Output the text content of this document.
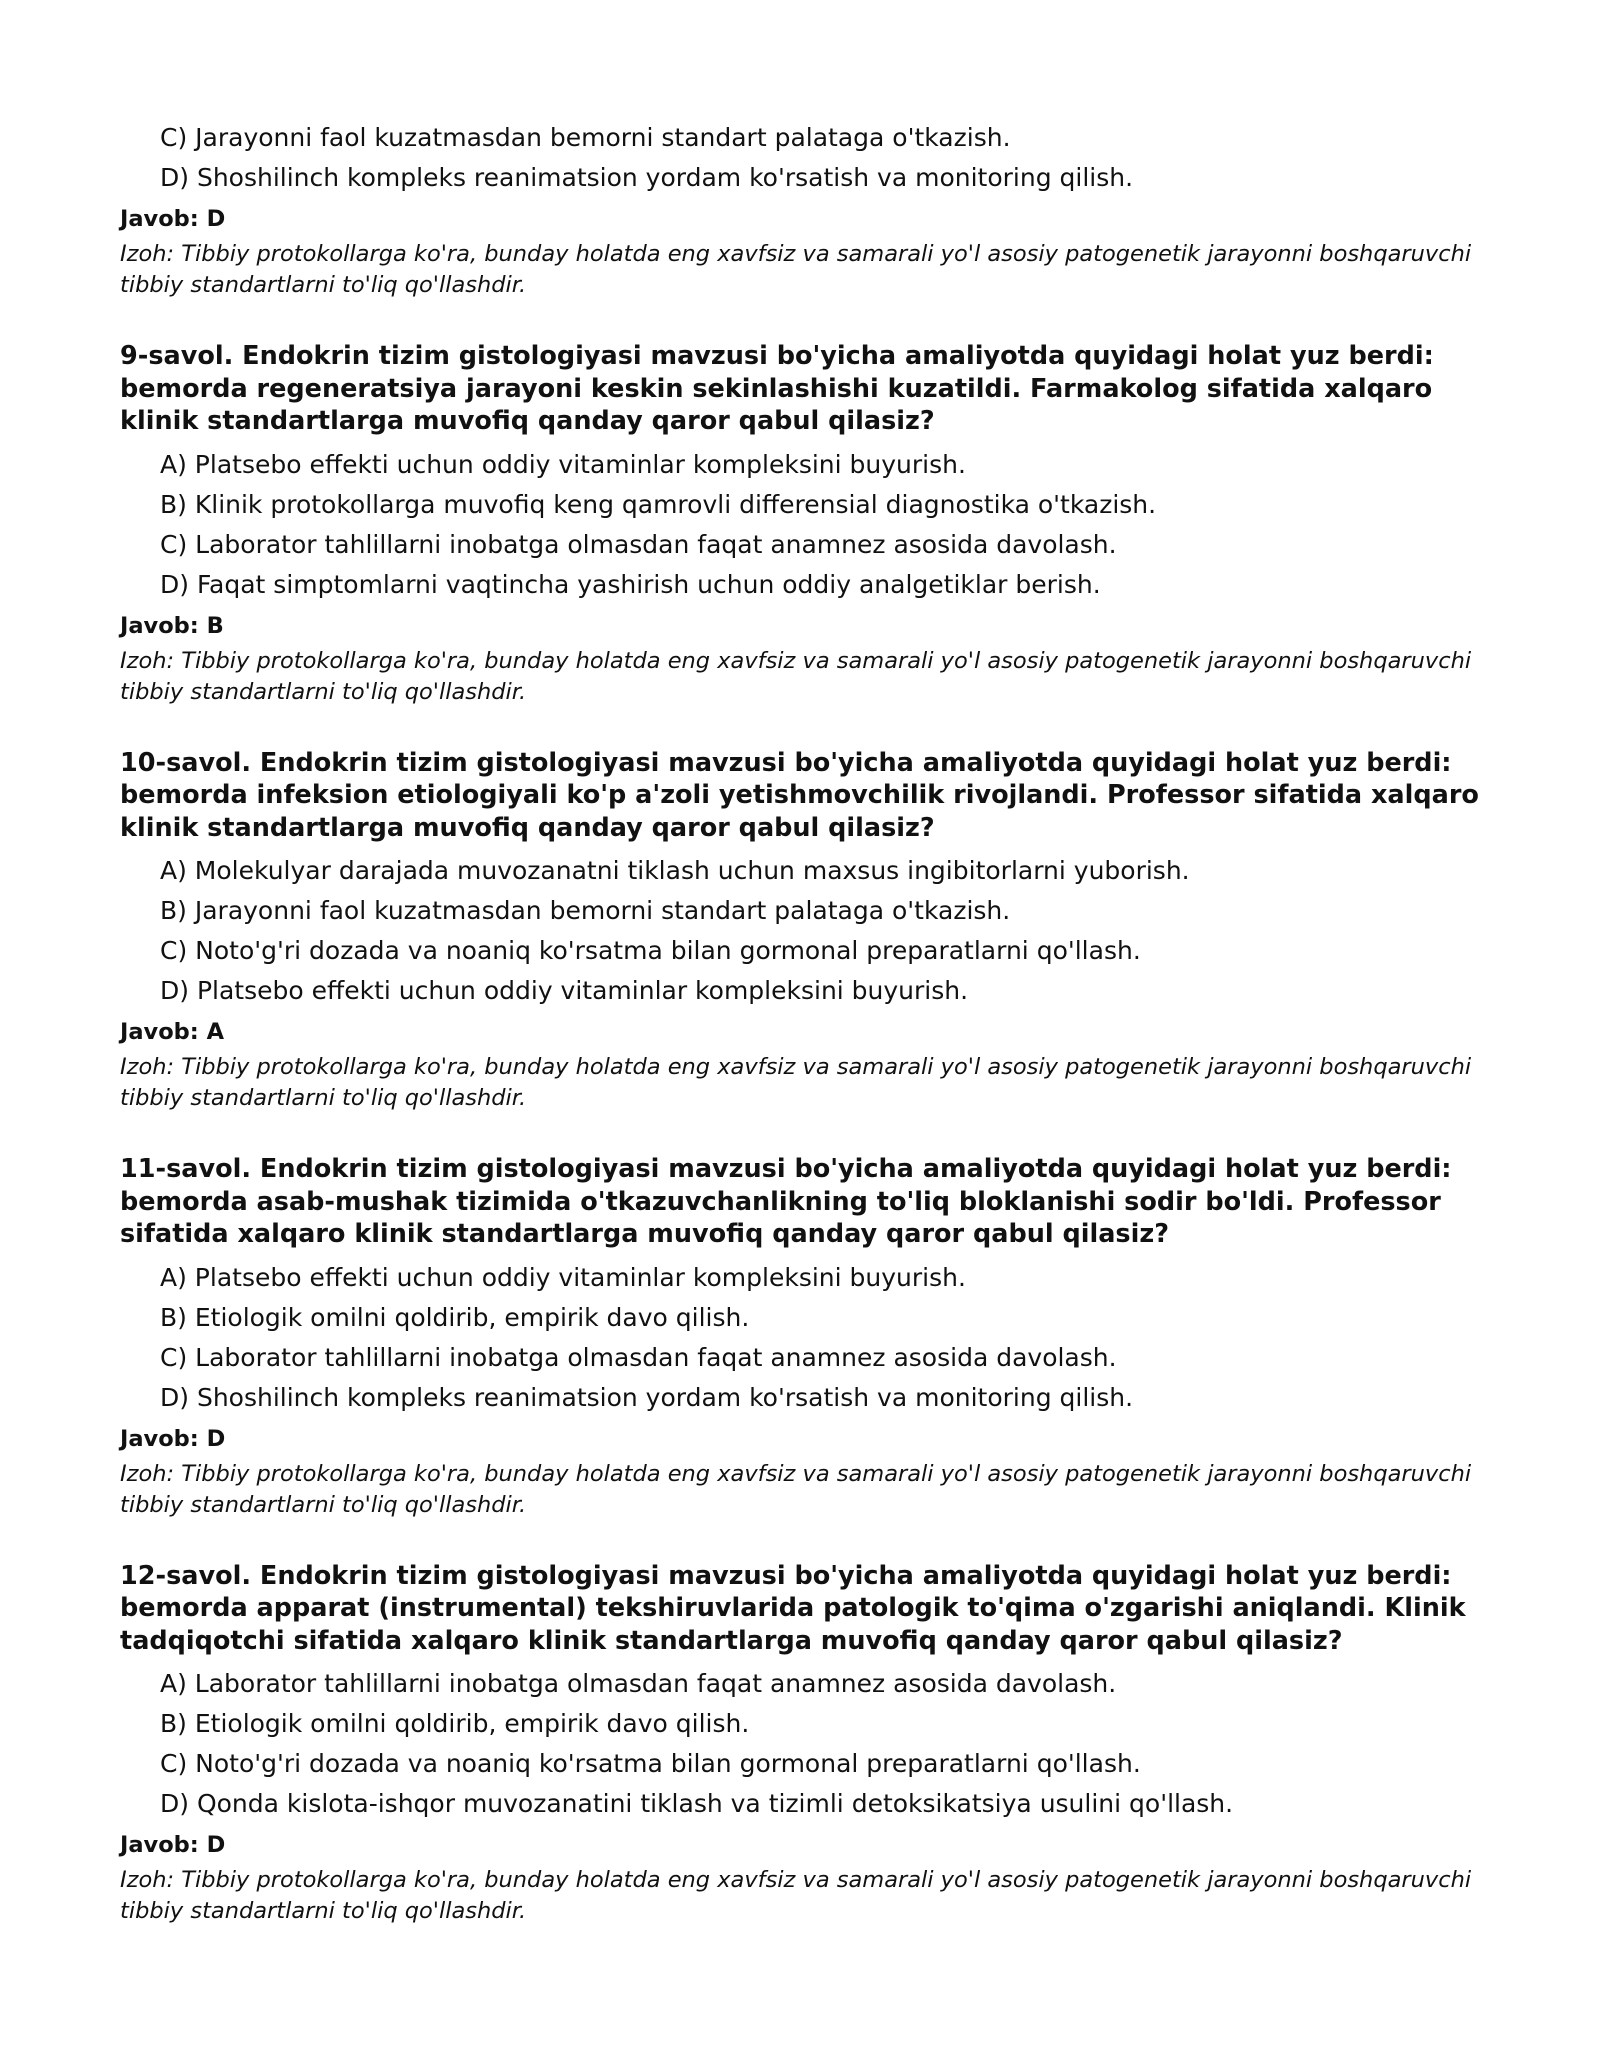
C) Jarayonni faol kuzatmasdan bemorni standart palataga o'tkazish.
D) Shoshilinch kompleks reanimatsion yordam ko'rsatish va monitoring qilish.
Javob: D
Izoh: Tibbiy protokollarga ko'ra, bunday holatda eng xavfsiz va samarali yo'l asosiy patogenetik jarayonni boshqaruvchi tibbiy standartlarni to'liq qo'llashdir.
9-savol. Endokrin tizim gistologiyasi mavzusi bo'yicha amaliyotda quyidagi holat yuz berdi: bemorda regeneratsiya jarayoni keskin sekinlashishi kuzatildi. Farmakolog sifatida xalqaro klinik standartlarga muvofiq qanday qaror qabul qilasiz?
A) Platsebo effekti uchun oddiy vitaminlar kompleksini buyurish.
B) Klinik protokollarga muvofiq keng qamrovli differensial diagnostika o'tkazish.
C) Laborator tahlillarni inobatga olmasdan faqat anamnez asosida davolash.
D) Faqat simptomlarni vaqtincha yashirish uchun oddiy analgetiklar berish.
Javob: B
Izoh: Tibbiy protokollarga ko'ra, bunday holatda eng xavfsiz va samarali yo'l asosiy patogenetik jarayonni boshqaruvchi tibbiy standartlarni to'liq qo'llashdir.
10-savol. Endokrin tizim gistologiyasi mavzusi bo'yicha amaliyotda quyidagi holat yuz berdi: bemorda infeksion etiologiyali ko'p a'zoli yetishmovchilik rivojlandi. Professor sifatida xalqaro klinik standartlarga muvofiq qanday qaror qabul qilasiz?
A) Molekulyar darajada muvozanatni tiklash uchun maxsus ingibitorlarni yuborish.
B) Jarayonni faol kuzatmasdan bemorni standart palataga o'tkazish.
C) Noto'g'ri dozada va noaniq ko'rsatma bilan gormonal preparatlarni qo'llash.
D) Platsebo effekti uchun oddiy vitaminlar kompleksini buyurish.
Javob: A
Izoh: Tibbiy protokollarga ko'ra, bunday holatda eng xavfsiz va samarali yo'l asosiy patogenetik jarayonni boshqaruvchi tibbiy standartlarni to'liq qo'llashdir.
11-savol. Endokrin tizim gistologiyasi mavzusi bo'yicha amaliyotda quyidagi holat yuz berdi: bemorda asab-mushak tizimida o'tkazuvchanlikning to'liq bloklanishi sodir bo'ldi. Professor sifatida xalqaro klinik standartlarga muvofiq qanday qaror qabul qilasiz?
A) Platsebo effekti uchun oddiy vitaminlar kompleksini buyurish.
B) Etiologik omilni qoldirib, empirik davo qilish.
C) Laborator tahlillarni inobatga olmasdan faqat anamnez asosida davolash.
D) Shoshilinch kompleks reanimatsion yordam ko'rsatish va monitoring qilish.
Javob: D
Izoh: Tibbiy protokollarga ko'ra, bunday holatda eng xavfsiz va samarali yo'l asosiy patogenetik jarayonni boshqaruvchi tibbiy standartlarni to'liq qo'llashdir.
12-savol. Endokrin tizim gistologiyasi mavzusi bo'yicha amaliyotda quyidagi holat yuz berdi: bemorda apparat (instrumental) tekshiruvlarida patologik to'qima o'zgarishi aniqlandi. Klinik tadqiqotchi sifatida xalqaro klinik standartlarga muvofiq qanday qaror qabul qilasiz?
A) Laborator tahlillarni inobatga olmasdan faqat anamnez asosida davolash.
B) Etiologik omilni qoldirib, empirik davo qilish.
C) Noto'g'ri dozada va noaniq ko'rsatma bilan gormonal preparatlarni qo'llash.
D) Qonda kislota-ishqor muvozanatini tiklash va tizimli detoksikatsiya usulini qo'llash.
Javob: D
Izoh: Tibbiy protokollarga ko'ra, bunday holatda eng xavfsiz va samarali yo'l asosiy patogenetik jarayonni boshqaruvchi tibbiy standartlarni to'liq qo'llashdir.
